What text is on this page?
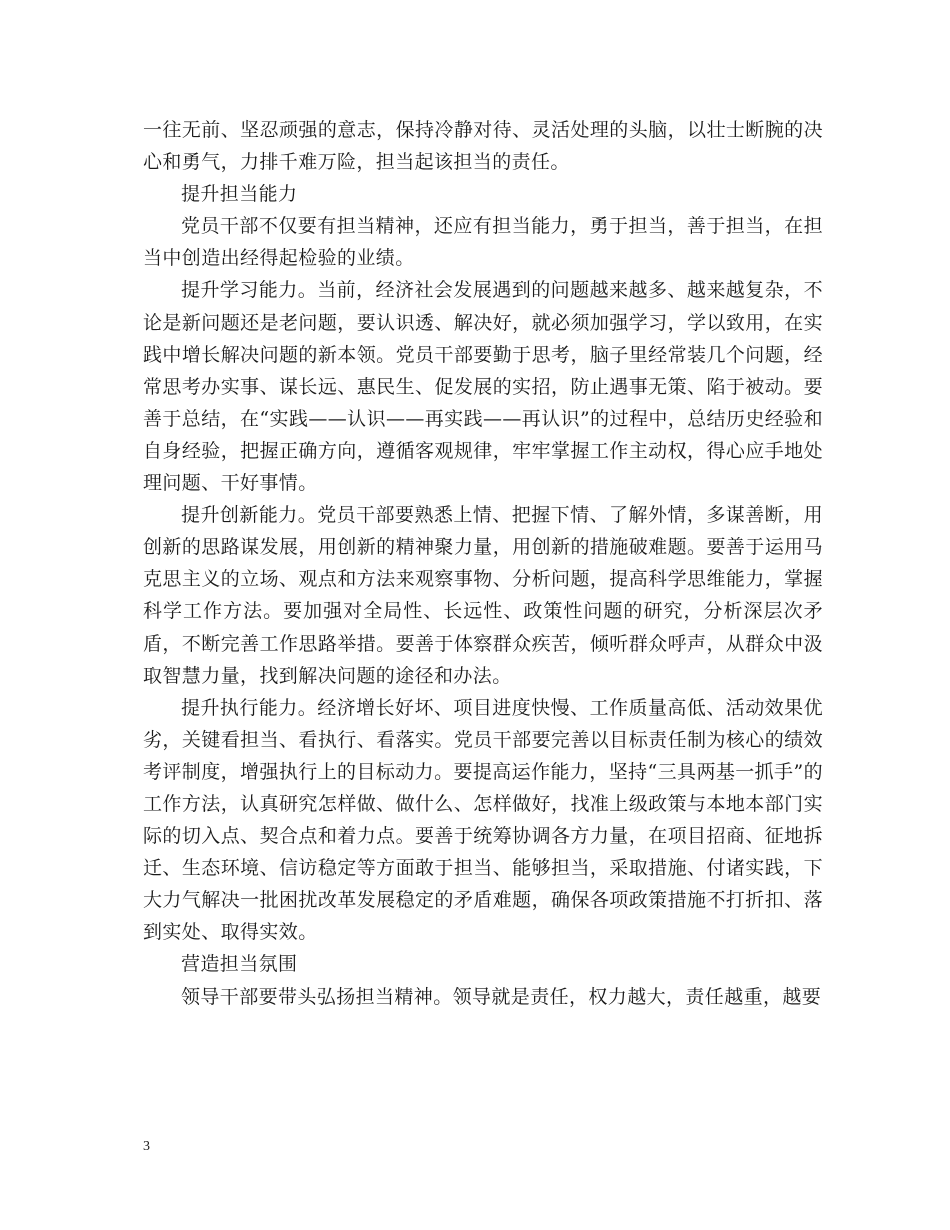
一往无前、坚忍顽强的意志，保持冷静对待、灵活处理的头脑，以壮士断腕的决心和勇气，力排千难万险，担当起该担当的责任。

提升担当能力

党员干部不仅要有担当精神，还应有担当能力，勇于担当，善于担当，在担当中创造出经得起检验的业绩。

提升学习能力。当前，经济社会发展遇到的问题越来越多、越来越复杂，不论是新问题还是老问题，要认识透、解决好，就必须加强学习，学以致用，在实践中增长解决问题的新本领。党员干部要勤于思考，脑子里经常装几个问题，经常思考办实事、谋长远、惠民生、促发展的实招，防止遇事无策、陷于被动。要善于总结，在“实践——认识——再实践——再认识”的过程中，总结历史经验和自身经验，把握正确方向，遵循客观规律，牢牢掌握工作主动权，得心应手地处理问题、干好事情。

提升创新能力。党员干部要熟悉上情、把握下情、了解外情，多谋善断，用创新的思路谋发展，用创新的精神聚力量，用创新的措施破难题。要善于运用马克思主义的立场、观点和方法来观察事物、分析问题，提高科学思维能力，掌握科学工作方法。要加强对全局性、长远性、政策性问题的研究，分析深层次矛盾，不断完善工作思路举措。要善于体察群众疾苦，倾听群众呼声，从群众中汲取智慧力量，找到解决问题的途径和办法。

提升执行能力。经济增长好坏、项目进度快慢、工作质量高低、活动效果优劣，关键看担当、看执行、看落实。党员干部要完善以目标责任制为核心的绩效考评制度，增强执行上的目标动力。要提高运作能力，坚持“三具两基一抓手”的工作方法，认真研究怎样做、做什么、怎样做好，找准上级政策与本地本部门实际的切入点、契合点和着力点。要善于统筹协调各方力量，在项目招商、征地拆迁、生态环境、信访稳定等方面敢于担当、能够担当，采取措施、付诸实践，下大力气解决一批困扰改革发展稳定的矛盾难题，确保各项政策措施不打折扣、落到实处、取得实效。

营造担当氛围

领导干部要带头弘扬担当精神。领导就是责任，权力越大，责任越重，越要

3
